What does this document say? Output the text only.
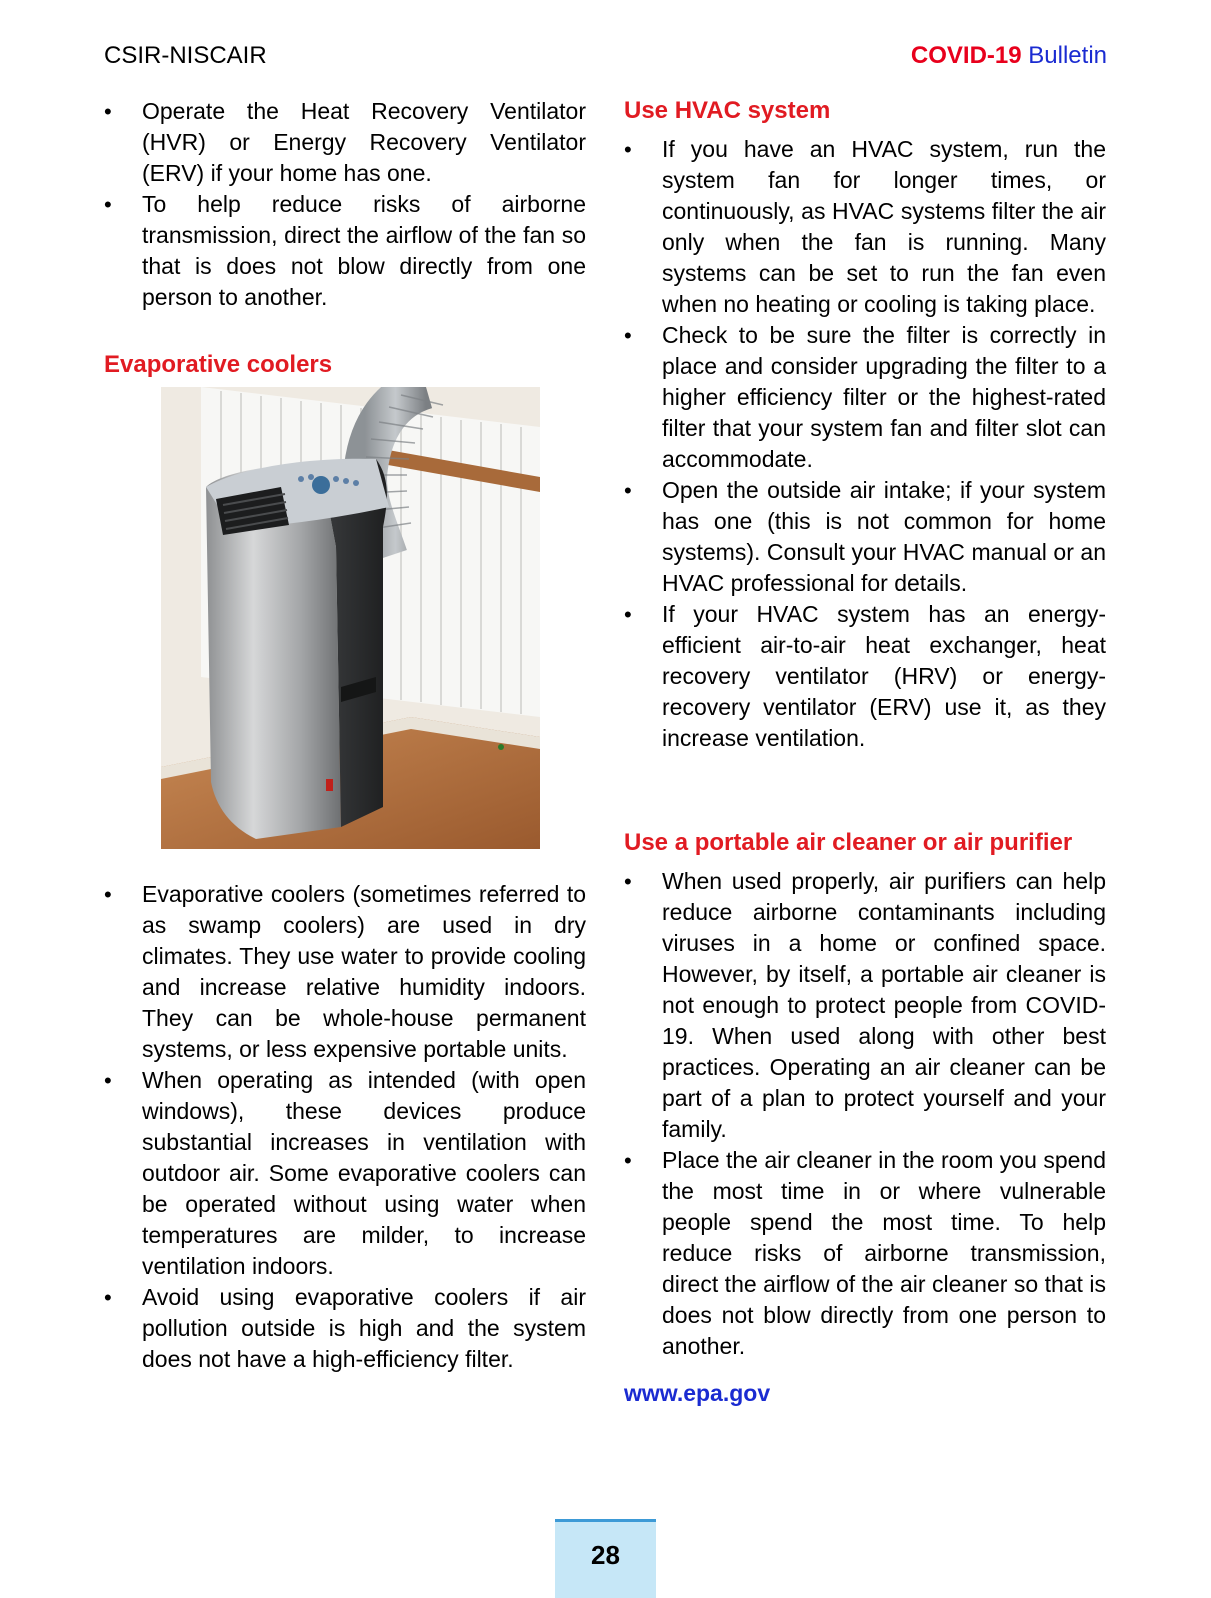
CSIR-NISCAIR	COVID-19 Bulletin
• Operate the Heat Recovery Ventilator (HVR) or Energy Recovery Ventilator (ERV) if your home has one.
• To help reduce risks of airborne transmission, direct the airflow of the fan so that is does not blow directly from one person to another.
Evaporative coolers
• Evaporative coolers (sometimes referred to as swamp coolers) are used in dry climates. They use water to provide cooling and increase relative humidity indoors. They can be whole-house permanent systems, or less expensive portable units.
• When operating as intended (with open windows), these devices produce substantial increases in ventilation with outdoor air. Some evaporative coolers can be operated without using water when temperatures are milder, to increase ventilation indoors.
• Avoid using evaporative coolers if air pollution outside is high and the system does not have a high-efficiency filter.
Use HVAC system
• If you have an HVAC system, run the system fan for longer times, or continuously, as HVAC systems filter the air only when the fan is running. Many systems can be set to run the fan even when no heating or cooling is taking place.
• Check to be sure the filter is correctly in place and consider upgrading the filter to a higher efficiency filter or the highest-rated filter that your system fan and filter slot can accommodate.
• Open the outside air intake; if your system has one (this is not common for home systems). Consult your HVAC manual or an HVAC professional for details.
• If your HVAC system has an energy-efficient air-to-air heat exchanger, heat recovery ventilator (HRV) or energy-recovery ventilator (ERV) use it, as they increase ventilation.
Use a portable air cleaner or air purifier
• When used properly, air purifiers can help reduce airborne contaminants including viruses in a home or confined space. However, by itself, a portable air cleaner is not enough to protect people from COVID-19. When used along with other best practices. Operating an air cleaner can be part of a plan to protect yourself and your family.
• Place the air cleaner in the room you spend the most time in or where vulnerable people spend the most time. To help reduce risks of airborne transmission, direct the airflow of the air cleaner so that is does not blow directly from one person to another.
www.epa.gov
28
